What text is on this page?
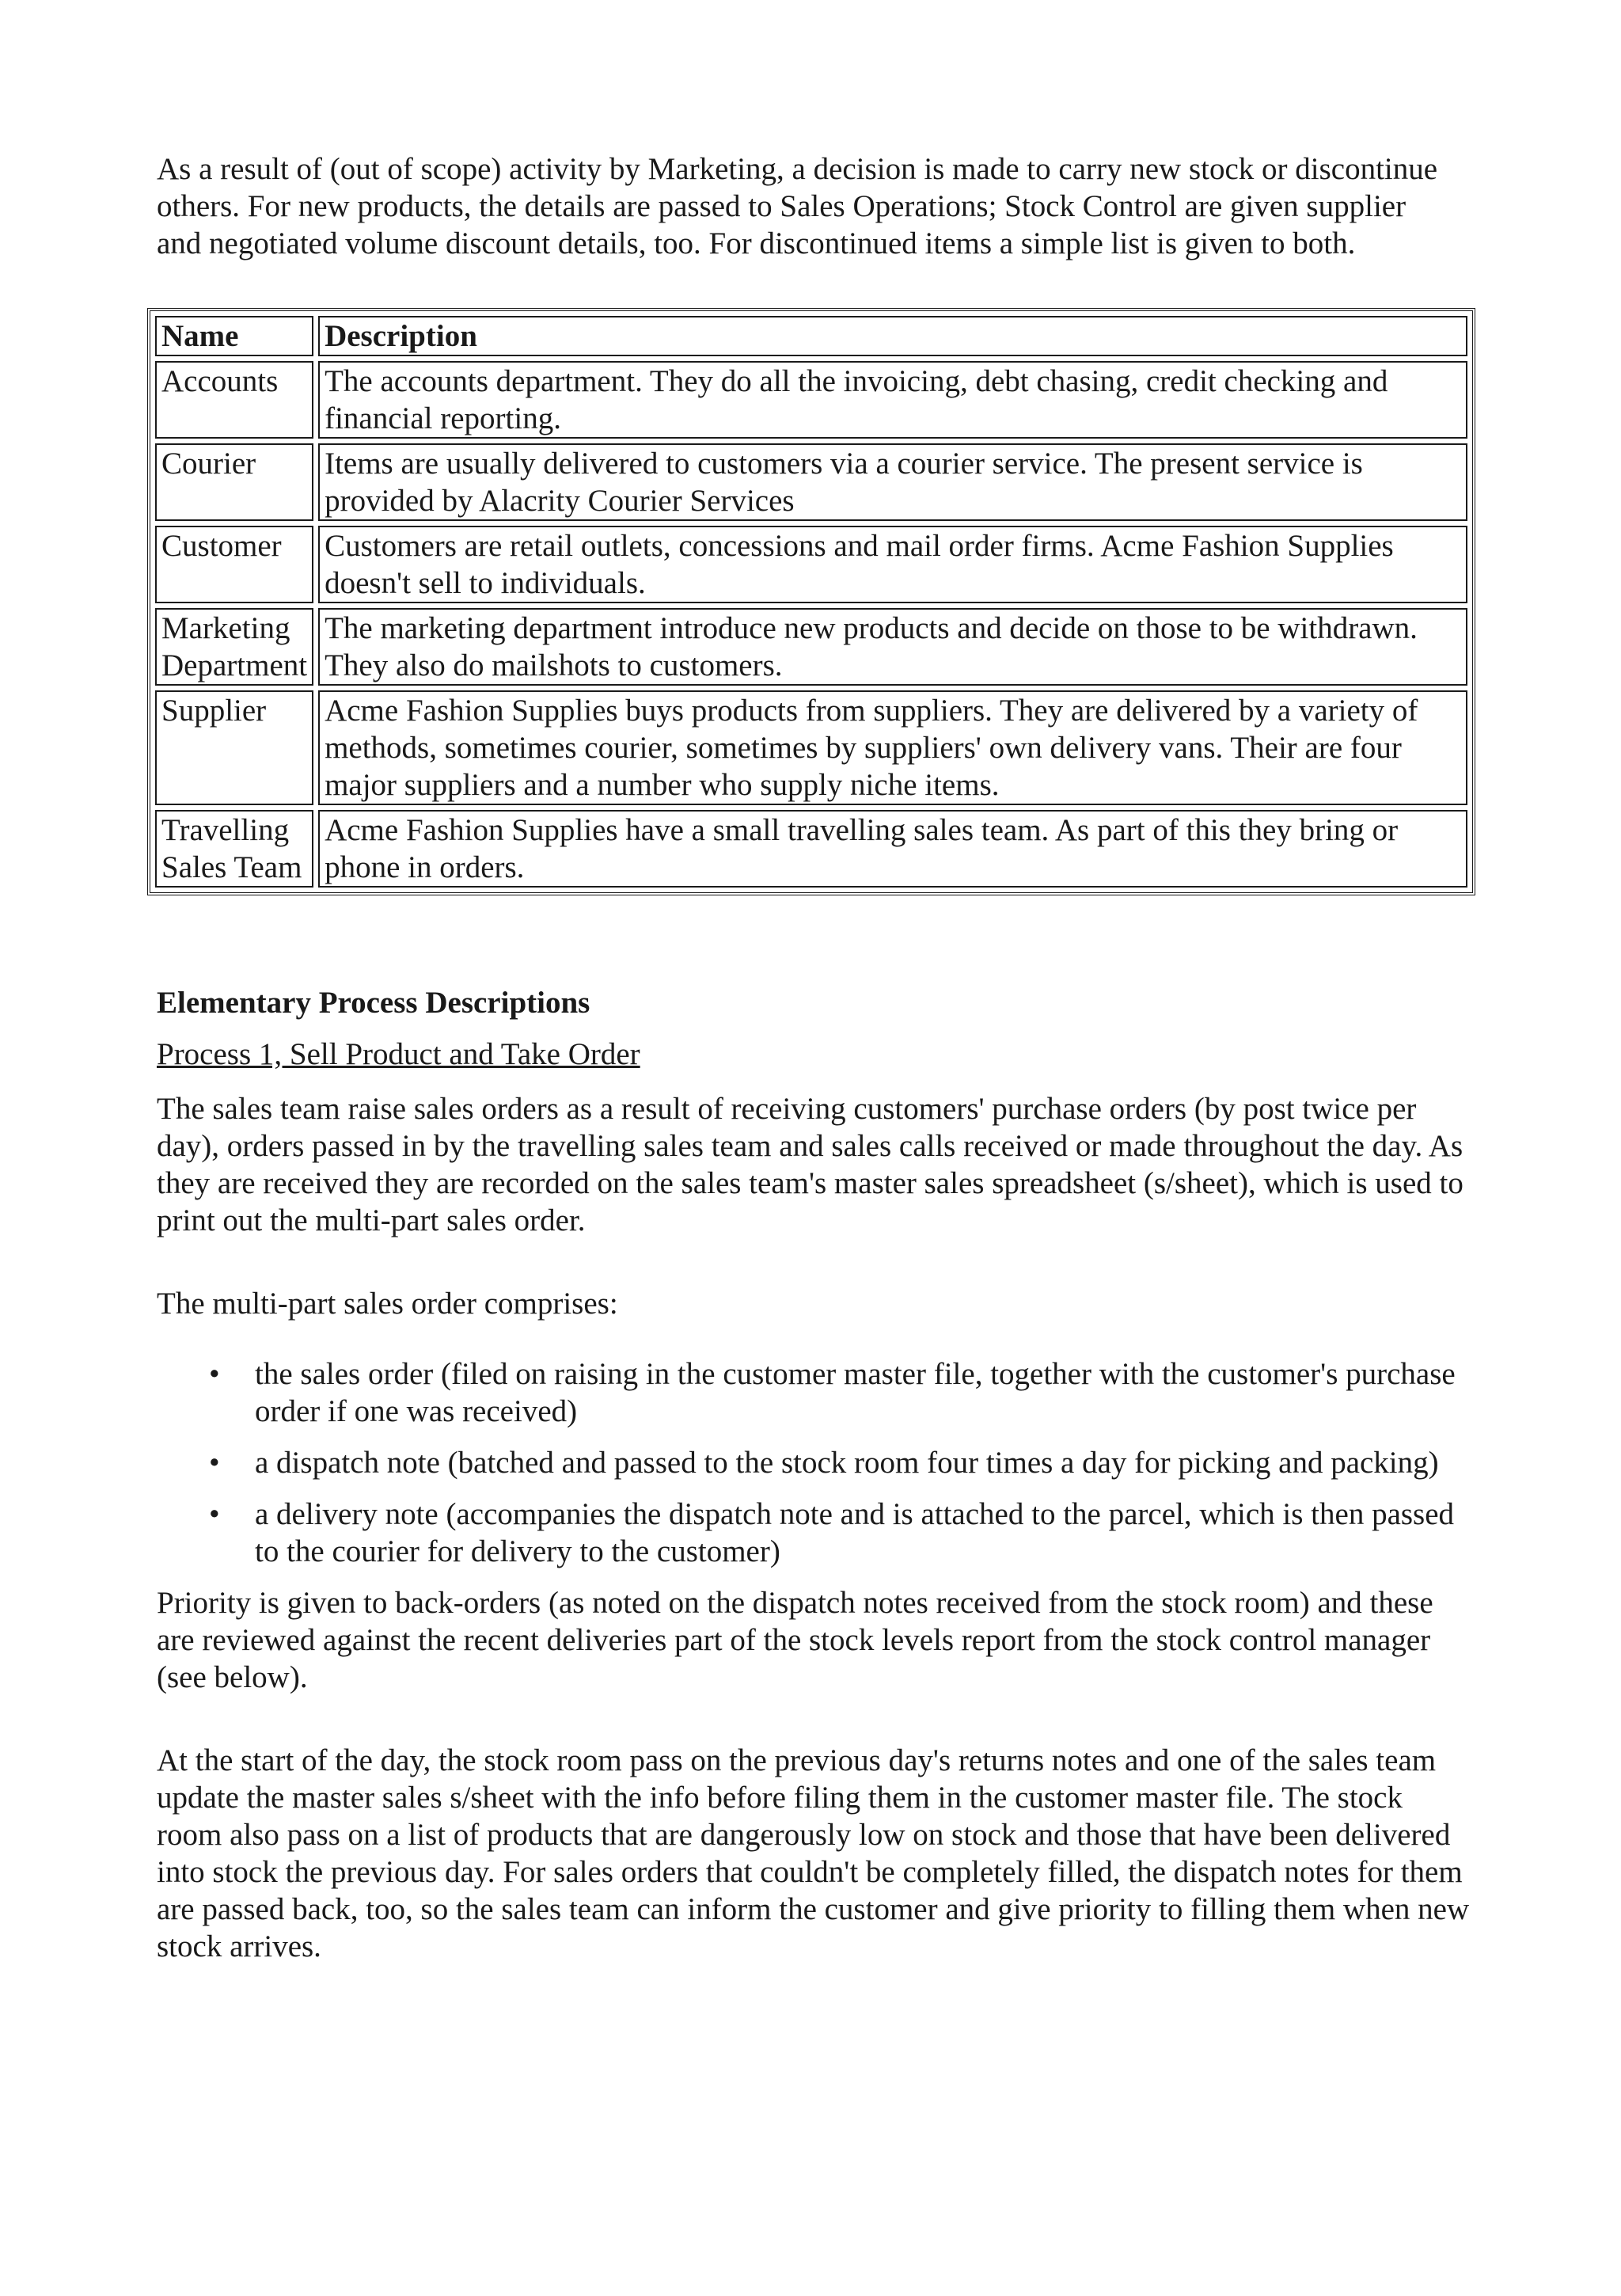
As a result of (out of scope) activity by Marketing, a decision is made to carry new stock or discontinue others. For new products, the details are passed to Sales Operations; Stock Control are given supplier and negotiated volume discount details, too. For discontinued items a simple list is given to both.

Name	Description
Accounts	The accounts department. They do all the invoicing, debt chasing, credit checking and financial reporting.
Courier	Items are usually delivered to customers via a courier service. The present service is provided by Alacrity Courier Services
Customer	Customers are retail outlets, concessions and mail order firms. Acme Fashion Supplies doesn't sell to individuals.
Marketing Department	The marketing department introduce new products and decide on those to be withdrawn. They also do mailshots to customers.
Supplier	Acme Fashion Supplies buys products from suppliers. They are delivered by a variety of methods, sometimes courier, sometimes by suppliers' own delivery vans. Their are four major suppliers and a number who supply niche items.
Travelling Sales Team	Acme Fashion Supplies have a small travelling sales team. As part of this they bring or phone in orders.
Elementary Process Descriptions
Process 1, Sell Product and Take Order

The sales team raise sales orders as a result of receiving customers' purchase orders (by post twice per day), orders passed in by the travelling sales team and sales calls received or made throughout the day. As they are received they are recorded on the sales team's master sales spreadsheet (s/sheet), which is used to print out the multi-part sales order.

The multi-part sales order comprises:

• the sales order (filed on raising in the customer master file, together with the customer's purchase order if one was received)
• a dispatch note (batched and passed to the stock room four times a day for picking and packing)
• a delivery note (accompanies the dispatch note and is attached to the parcel, which is then passed to the courier for delivery to the customer)

Priority is given to back-orders (as noted on the dispatch notes received from the stock room) and these are reviewed against the recent deliveries part of the stock levels report from the stock control manager (see below).

At the start of the day, the stock room pass on the previous day's returns notes and one of the sales team update the master sales s/sheet with the info before filing them in the customer master file. The stock room also pass on a list of products that are dangerously low on stock and those that have been delivered into stock the previous day. For sales orders that couldn't be completely filled, the dispatch notes for them are passed back, too, so the sales team can inform the customer and give priority to filling them when new stock arrives.
